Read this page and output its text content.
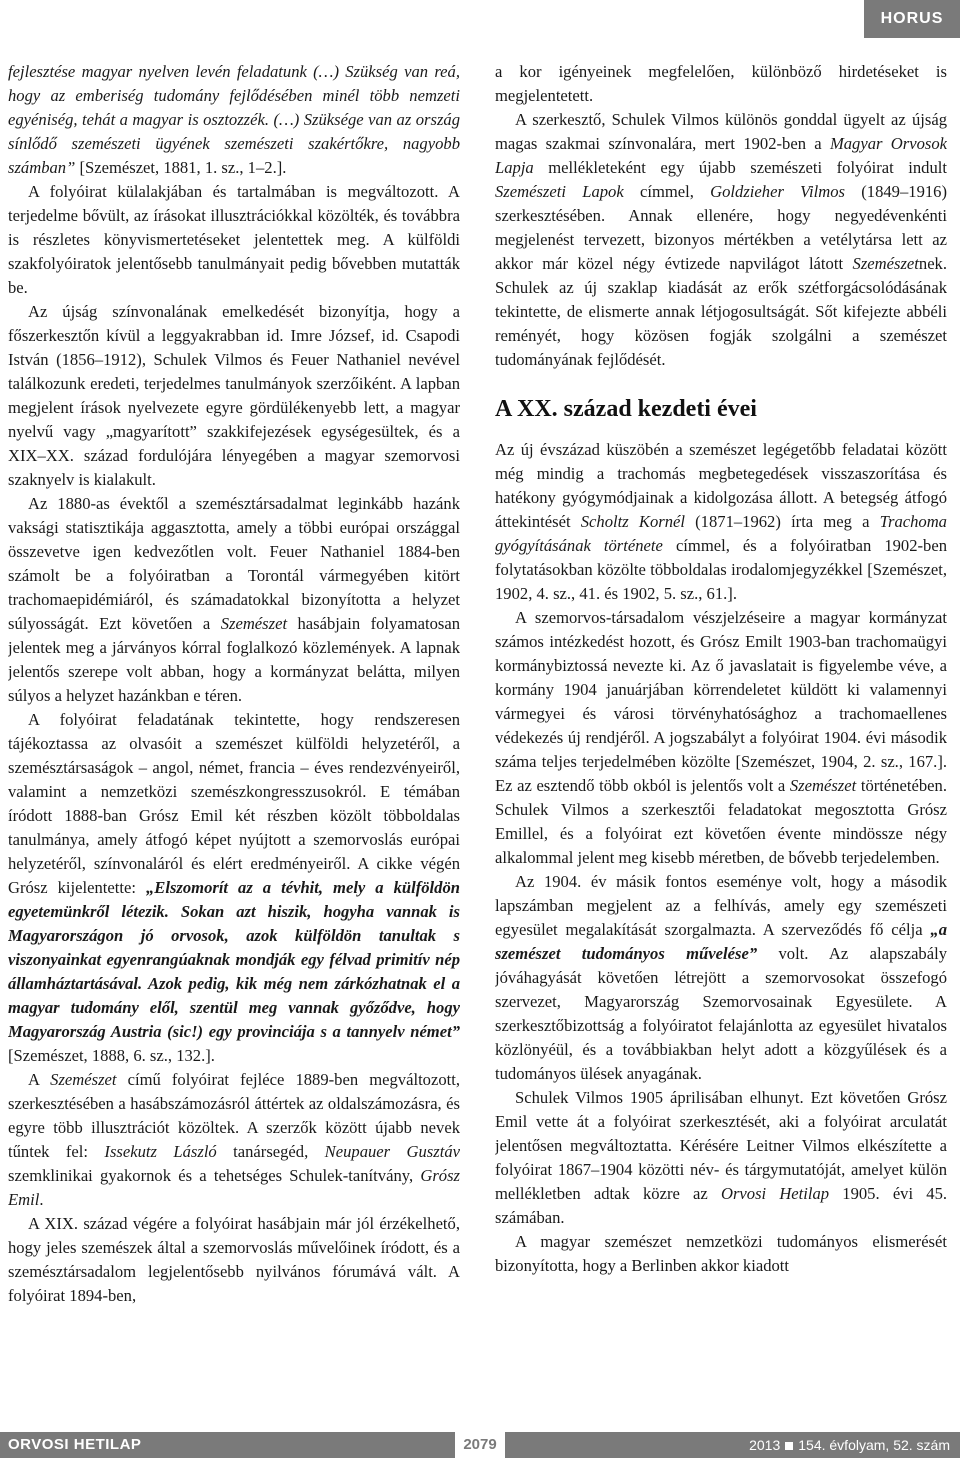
HORUS

fejlesztése magyar nyelven levén feladatunk (…) Szükség van reá, hogy az emberiség tudomány fejlődésében minél több nemzeti egyéniség, tehát a magyar is osztozzék. (…) Szüksége van az ország sínlődő szemészeti ügyének szemészeti szakértőkre, nagyobb számban” [Szemészet, 1881, 1. sz., 1–2.].

A folyóirat külalakjában és tartalmában is megváltozott. A terjedelme bővült, az írásokat illusztrációkkal közölték, és továbbra is részletes könyvismertetéseket jelentettek meg. A külföldi szakfolyóiratok jelentősebb tanulmányait pedig bővebben mutatták be.

Az újság színvonalának emelkedését bizonyítja, hogy a főszerkesztőn kívül a leggyakrabban id. Imre József, id. Csapodi István (1856–1912), Schulek Vilmos és Feuer Nathaniel nevével találkozunk eredeti, terjedelmes tanulmányok szerzőiként. A lapban megjelent írások nyelvezete egyre gördülékenyebb lett, a magyar nyelvű vagy „magyarított” szakkifejezések egységesültek, és a XIX–XX. század fordulójára lényegében a magyar szemorvosi szaknyelv is kialakult.

Az 1880-as évektől a szemésztársadalmat leginkább hazánk vaksági statisztikája aggasztotta, amely a többi európai országgal összevetve igen kedvezőtlen volt. Feuer Nathaniel 1884-ben számolt be a folyóiratban a Torontál vármegyében kitört trachomaepidémiáról, és számadatokkal bizonyította a helyzet súlyosságát. Ezt követően a Szemészet hasábjain folyamatosan jelentek meg a járványos kórral foglalkozó közlemények. A lapnak jelentős szerepe volt abban, hogy a kormányzat belátta, milyen súlyos a helyzet hazánkban e téren.

A folyóirat feladatának tekintette, hogy rendszeresen tájékoztassa az olvasóit a szemészet külföldi helyzetéről, a szemésztársaságok – angol, német, francia – éves rendezvényeiről, valamint a nemzetközi szemészkongresszusokról. E témában íródott 1888-ban Grósz Emil két részben közölt többoldalas tanulmánya, amely átfogó képet nyújtott a szemorvoslás európai helyzetéről, színvonaláról és elért eredményeiről. A cikke végén Grósz kijelentette: „Elszomorít az a tévhit, mely a külföldön egyetemünkről létezik. Sokan azt hiszik, hogyha vannak is Magyarországon jó orvosok, azok külföldön tanultak s viszonyainkat egyenrangúaknak mondják egy félvad primitív nép államháztartásával. Azok pedig, kik még nem zárkózhatnak el a magyar tudomány elől, szentül meg vannak győződve, hogy Magyarország Austria (sic!) egy provinciája s a tannyelv német” [Szemészet, 1888, 6. sz., 132.].

A Szemészet című folyóirat fejléce 1889-ben megváltozott, szerkesztésében a hasábszámozásról áttértek az oldalszámozásra, és egyre több illusztrációt közöltek. A szerzők között újabb nevek tűntek fel: Issekutz László tanársegéd, Neupauer Gusztáv szemklinikai gyakornok és a tehetséges Schulek-tanítvány, Grósz Emil.

A XIX. század végére a folyóirat hasábjain már jól érzékelhető, hogy jeles szemészek által a szemorvoslás művelőinek íródott, és a szemésztársadalom legjelentősebb nyilvános fórumává vált. A folyóirat 1894-ben,

a kor igényeinek megfelelően, különböző hirdetéseket is megjelentetett.

A szerkesztő, Schulek Vilmos különös gonddal ügyelt az újság magas szakmai színvonalára, mert 1902-ben a Magyar Orvosok Lapja mellékleteként egy újabb szemészeti folyóirat indult Szemészeti Lapok címmel, Goldzieher Vilmos (1849–1916) szerkesztésében. Annak ellenére, hogy negyedévenkénti megjelenést tervezett, bizonyos mértékben a vetélytársa lett az akkor már közel négy évtizede napvilágot látott Szemészetnek. Schulek az új szaklap kiadását az erők szétforgácsolódásának tekintette, de elismerte annak létjogosultságát. Sőt kifejezte abbéli reményét, hogy közösen fogják szolgálni a szemészet tudományának fejlődését.

A XX. század kezdeti évei

Az új évszázad küszöbén a szemészet legégetőbb feladatai között még mindig a trachomás megbetegedések visszaszorítása és hatékony gyógymódjainak a kidolgozása állott. A betegség átfogó áttekintését Scholtz Kornél (1871–1962) írta meg a Trachoma gyógyításának története címmel, és a folyóiratban 1902-ben folytatásokban közölte többoldalas irodalomjegyzékkel [Szemészet, 1902, 4. sz., 41. és 1902, 5. sz., 61.].

A szemorvos-társadalom vészjelzéseire a magyar kormányzat számos intézkedést hozott, és Grósz Emilt 1903-ban trachomaügyi kormánybiztossá nevezte ki. Az ő javaslatait is figyelembe véve, a kormány 1904 januárjában körrendeletet küldött ki valamennyi vármegyei és városi törvényhatósághoz a trachomaellenes védekezés új rendjéről. A jogszabályt a folyóirat 1904. évi második száma teljes terjedelmében közölte [Szemészet, 1904, 2. sz., 167.]. Ez az esztendő több okból is jelentős volt a Szemészet történetében. Schulek Vilmos a szerkesztői feladatokat megosztotta Grósz Emillel, és a folyóirat ezt követően évente mindössze négy alkalommal jelent meg kisebb méretben, de bővebb terjedelemben.

Az 1904. év másik fontos eseménye volt, hogy a második lapszámban megjelent az a felhívás, amely egy szemészeti egyesület megalakítását szorgalmazta. A szerveződés fő célja „a szemészet tudományos művelése” volt. Az alapszabály jóváhagyását követően létrejött a szemorvosokat összefogó szervezet, Magyarország Szemorvosainak Egyesülete. A szerkesztőbizottság a folyóiratot felajánlotta az egyesület hivatalos közlönyéül, és a továbbiakban helyt adott a közgyűlések és a tudományos ülések anyagának.

Schulek Vilmos 1905 áprilisában elhunyt. Ezt követően Grósz Emil vette át a folyóirat szerkesztését, aki a folyóirat arculatát jelentősen megváltoztatta. Kérésére Leitner Vilmos elkészítette a folyóirat 1867–1904 közötti név- és tárgymutatóját, amelyet külön mellékletben adtak közre az Orvosi Hetilap 1905. évi 45. számában.

A magyar szemészet nemzetközi tudományos elismerését bizonyította, hogy a Berlinben akkor kiadott

ORVOSI HETILAP	2079	2013 154. évfolyam, 52. szám
